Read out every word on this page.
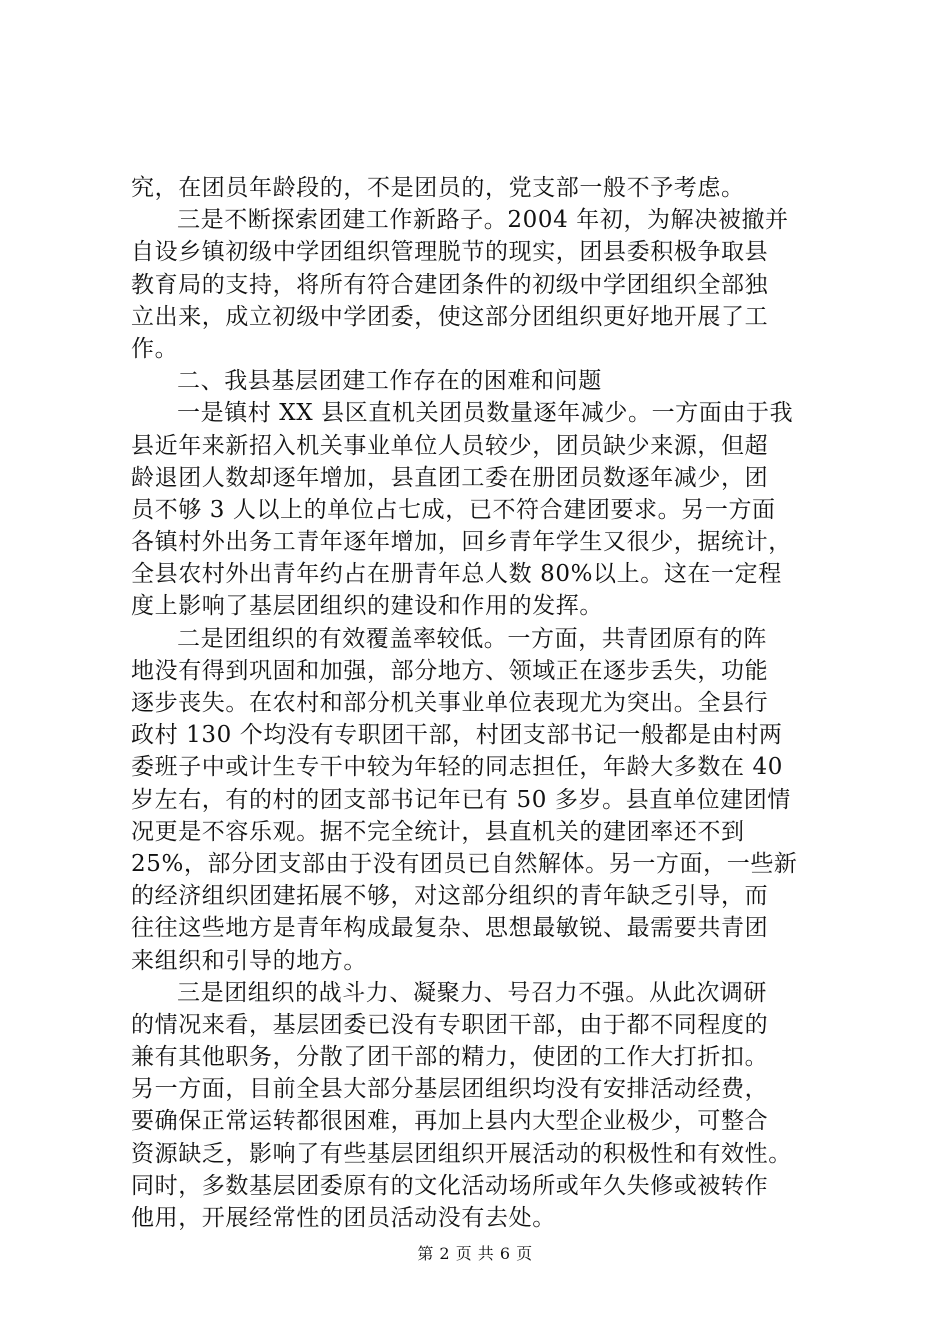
究，在团员年龄段的，不是团员的，党支部一般不予考虑。
三是不断探索团建工作新路子。2004 年初，为解决被撤并
自设乡镇初级中学团组织管理脱节的现实，团县委积极争取县
教育局的支持，将所有符合建团条件的初级中学团组织全部独
立出来，成立初级中学团委，使这部分团组织更好地开展了工
作。
二、我县基层团建工作存在的困难和问题
一是镇村 XX 县区直机关团员数量逐年减少。一方面由于我
县近年来新招入机关事业单位人员较少，团员缺少来源，但超
龄退团人数却逐年增加，县直团工委在册团员数逐年减少，团
员不够 3 人以上的单位占七成，已不符合建团要求。另一方面
各镇村外出务工青年逐年增加，回乡青年学生又很少，据统计，
全县农村外出青年约占在册青年总人数 80%以上。这在一定程
度上影响了基层团组织的建设和作用的发挥。
二是团组织的有效覆盖率较低。一方面，共青团原有的阵
地没有得到巩固和加强，部分地方、领域正在逐步丢失，功能
逐步丧失。在农村和部分机关事业单位表现尤为突出。全县行
政村 130 个均没有专职团干部，村团支部书记一般都是由村两
委班子中或计生专干中较为年轻的同志担任，年龄大多数在 40
岁左右，有的村的团支部书记年已有 50 多岁。县直单位建团情
况更是不容乐观。据不完全统计，县直机关的建团率还不到
25%，部分团支部由于没有团员已自然解体。另一方面，一些新
的经济组织团建拓展不够，对这部分组织的青年缺乏引导，而
往往这些地方是青年构成最复杂、思想最敏锐、最需要共青团
来组织和引导的地方。
三是团组织的战斗力、凝聚力、号召力不强。从此次调研
的情况来看，基层团委已没有专职团干部，由于都不同程度的
兼有其他职务，分散了团干部的精力，使团的工作大打折扣。
另一方面，目前全县大部分基层团组织均没有安排活动经费，
要确保正常运转都很困难，再加上县内大型企业极少，可整合
资源缺乏，影响了有些基层团组织开展活动的积极性和有效性。
同时，多数基层团委原有的文化活动场所或年久失修或被转作
他用，开展经常性的团员活动没有去处。
第 2 页 共 6 页
